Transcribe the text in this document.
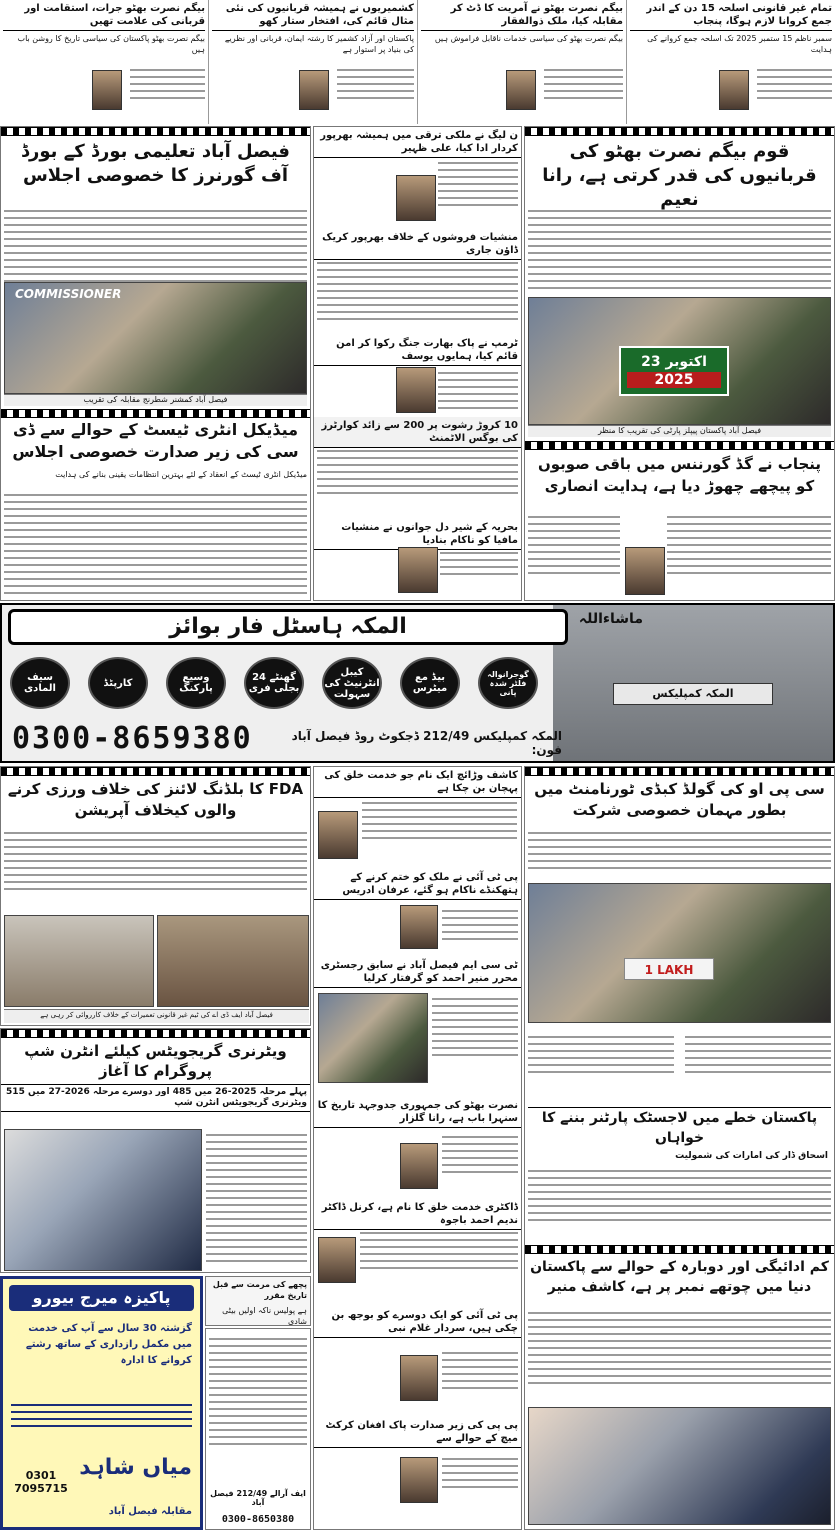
بیگم نصرت بھٹو جرات، استقامت اور قربانی کی علامت تھیں
بیگم نصرت بھٹو پاکستان کی سیاسی تاریخ کا روشن باب ہیں
کشمیریوں نے ہمیشہ قربانیوں کی نئی مثال قائم کی، افتخار ستار کھو
پاکستان اور آزاد کشمیر کا رشتہ ایمان، قربانی اور نظریے کی بنیاد پر استوار ہے
بیگم نصرت بھٹو نے آمریت کا ڈٹ کر مقابلہ کیا، ملک ذوالفقار
بیگم نصرت بھٹو کی سیاسی خدمات ناقابل فراموش ہیں
تمام غیر قانونی اسلحہ 15 دن کے اندر جمع کروانا لازم ہوگا، پنجاب
سمبر ناظم 15 ستمبر 2025 تک اسلحہ جمع کروانے کی ہدایت
فیصل آباد تعلیمی بورڈ کے بورڈ آف گورنرز کا خصوصی اجلاس
COMMISSIONER
فیصل آباد کمشنر شطرنج مقابلہ کی تقریب
میڈیکل انٹری ٹیسٹ کے حوالے سے ڈی سی کی زیر صدارت خصوصی اجلاس
میڈیکل انٹری ٹیسٹ کے انعقاد کے لئے بہترین انتظامات یقینی بنانے کی ہدایت
ن لیگ نے ملکی ترقی میں ہمیشہ بھرپور کردار ادا کیا، علی ظہیر
منشیات فروشوں کے خلاف بھرپور کریک ڈاؤن جاری
ٹرمپ نے پاک بھارت جنگ رکوا کر امن قائم کیا، ہمایوں یوسف
10 کروڑ رشوت پر 200 سے زائد کوارٹرز کی بوگس الاٹمنٹ
بحریہ کے شیر دل جوانوں نے منشیات مافیا کو ناکام بنادیا
قوم بیگم نصرت بھٹو کی قربانیوں کی قدر کرتی ہے، رانا نعیم
23 اکتوبر
2025
فیصل آباد پاکستان پیپلز پارٹی کی تقریب کا منظر
پنجاب نے گڈ گورننس میں باقی صوبوں کو پیچھے چھوڑ دیا ہے، ہدایت انصاری
المکہ کمپلیکس
ماشاءاللہ
المکہ ہاسٹل فار بوائز
سیف المادی	کارپٹڈ	وسیع پارکنگ
24 گھنٹے بجلی فری
کیبل انٹرنیٹ کی سہولت
بیڈ مع میٹرس
گوجرانوالہ فلٹر شدہ پانی
0300-8659380	المکہ کمپلیکس 212/49 ڈجکوٹ روڈ فیصل آباد فون:
FDA کا بلڈنگ لائنز کی خلاف ورزی کرنے والوں کیخلاف آپریشن
فیصل آباد ایف ڈی اے کی ٹیم غیر قانونی تعمیرات کے خلاف کارروائی کر رہی ہے
ویٹرنری گریجویٹس کیلئے انٹرن شپ پروگرام کا آغاز
پہلے مرحلہ 2025-26 میں 485 اور دوسرے مرحلہ 2026-27 میں 515 ویٹرنری گریجویٹس انٹرن شپ
پچھے کی مرمت سے قبل تاریخ مقرر
ہے پولیس ناکہ اولیں بیٹی شادی
ایف آرالے 212/49 فیصل آباد
0300-8650380
پاکیزہ میرج بیورو
گزشتہ 30 سال سے آپ کی خدمت میں مکمل رازداری کے ساتھ رشتے کروانے کا ادارہ
میاں شاہد
0301 7095715
مقابلہ فیصل آباد
کاشف وڑائچ ایک نام جو خدمت خلق کی پہچان بن چکا ہے
پی ٹی آئی نے ملک کو ختم کرنے کے ہتھکنڈے ناکام ہو گئے، عرفان ادریس
ٹی سی ایم فیصل آباد نے سابق رجسٹری محرر منیر احمد کو گرفتار کرلیا
نصرت بھٹو کی جمہوری جدوجہد تاریخ کا سنہرا باب ہے، رانا گلزار
ڈاکٹری خدمت خلق کا نام ہے، کرنل ڈاکٹر ندیم احمد باجوہ
پی ٹی آئی کو ایک دوسرے کو بوجھ بن چکی ہیں، سردار غلام نبی
پی پی کی زیر صدارت پاک افغان کرکٹ میچ کے حوالے سے
سی پی او کی گولڈ کبڈی ٹورنامنٹ میں بطور مہمان خصوصی شرکت
1 LAKH
پاکستان خطے میں لاجسٹک پارٹنر بننے کا خواہاں
اسحاق ڈار کی امارات کی شمولیت
کم ادائیگی اور دوبارہ کے حوالے سے پاکستان دنیا میں چوتھے نمبر پر ہے، کاشف منیر
